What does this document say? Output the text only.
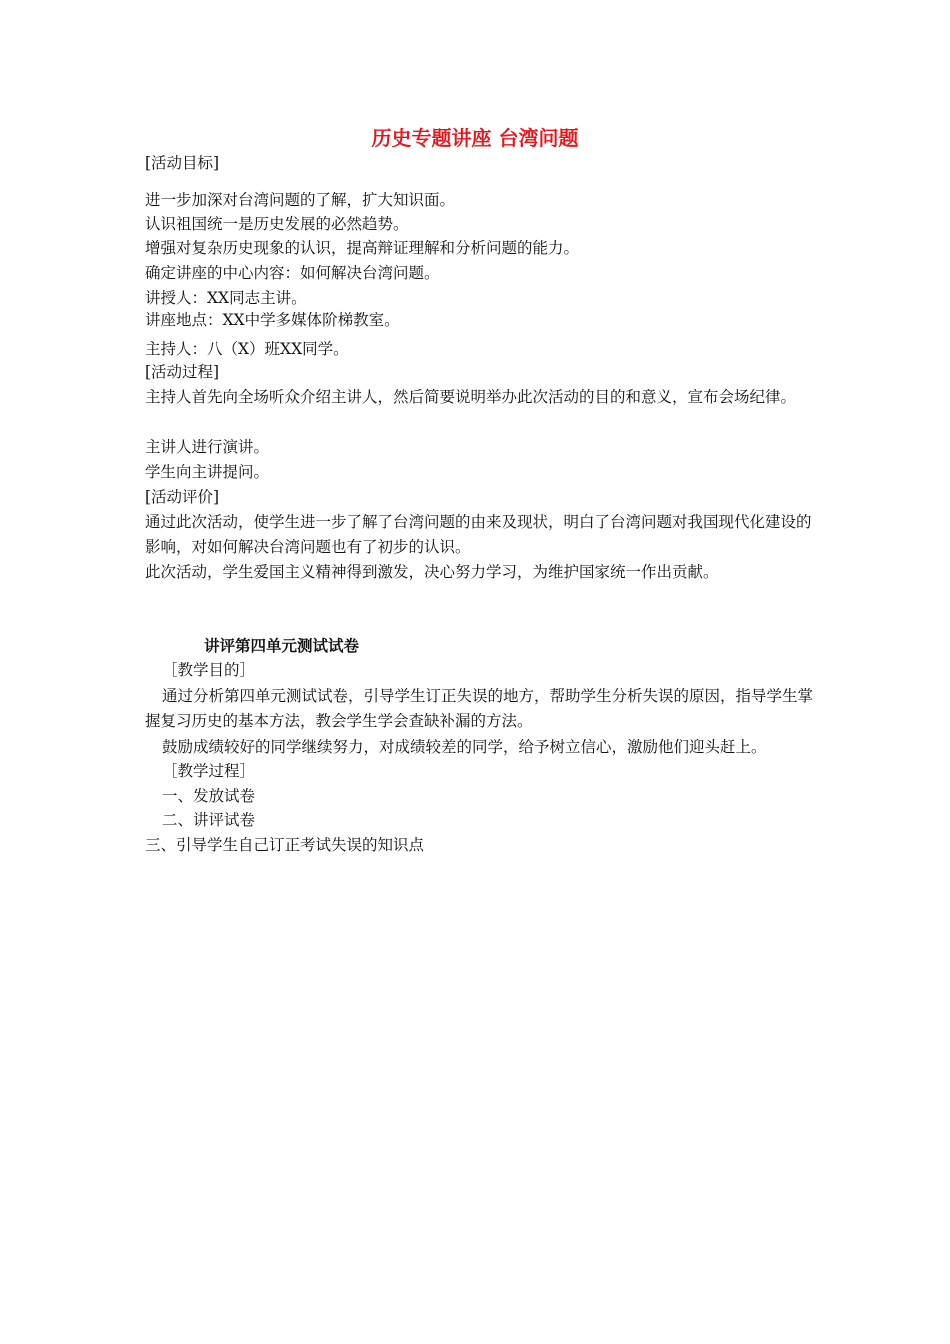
历史专题讲座 台湾问题
[活动目标]
进一步加深对台湾问题的了解，扩大知识面。
认识祖国统一是历史发展的必然趋势。
增强对复杂历史现象的认识，提高辩证理解和分析问题的能力。
确定讲座的中心内容：如何解决台湾问题。
讲授人：XX同志主讲。
讲座地点：XX中学多媒体阶梯教室。
主持人：八（X）班XX同学。
[活动过程]
主持人首先向全场听众介绍主讲人，然后简要说明举办此次活动的目的和意义，宣布会场纪律。
主讲人进行演讲。
学生向主讲提问。
[活动评价]
通过此次活动，使学生进一步了解了台湾问题的由来及现状，明白了台湾问题对我国现代化建设的影响，对如何解决台湾问题也有了初步的认识。
此次活动，学生爱国主义精神得到激发，决心努力学习，为维护国家统一作出贡献。
讲评第四单元测试试卷
［教学目的］
通过分析第四单元测试试卷，引导学生订正失误的地方，帮助学生分析失误的原因，指导学生掌握复习历史的基本方法，教会学生学会查缺补漏的方法。
鼓励成绩较好的同学继续努力，对成绩较差的同学，给予树立信心，激励他们迎头赶上。
［教学过程］
一、发放试卷
二、讲评试卷
三、引导学生自己订正考试失误的知识点
